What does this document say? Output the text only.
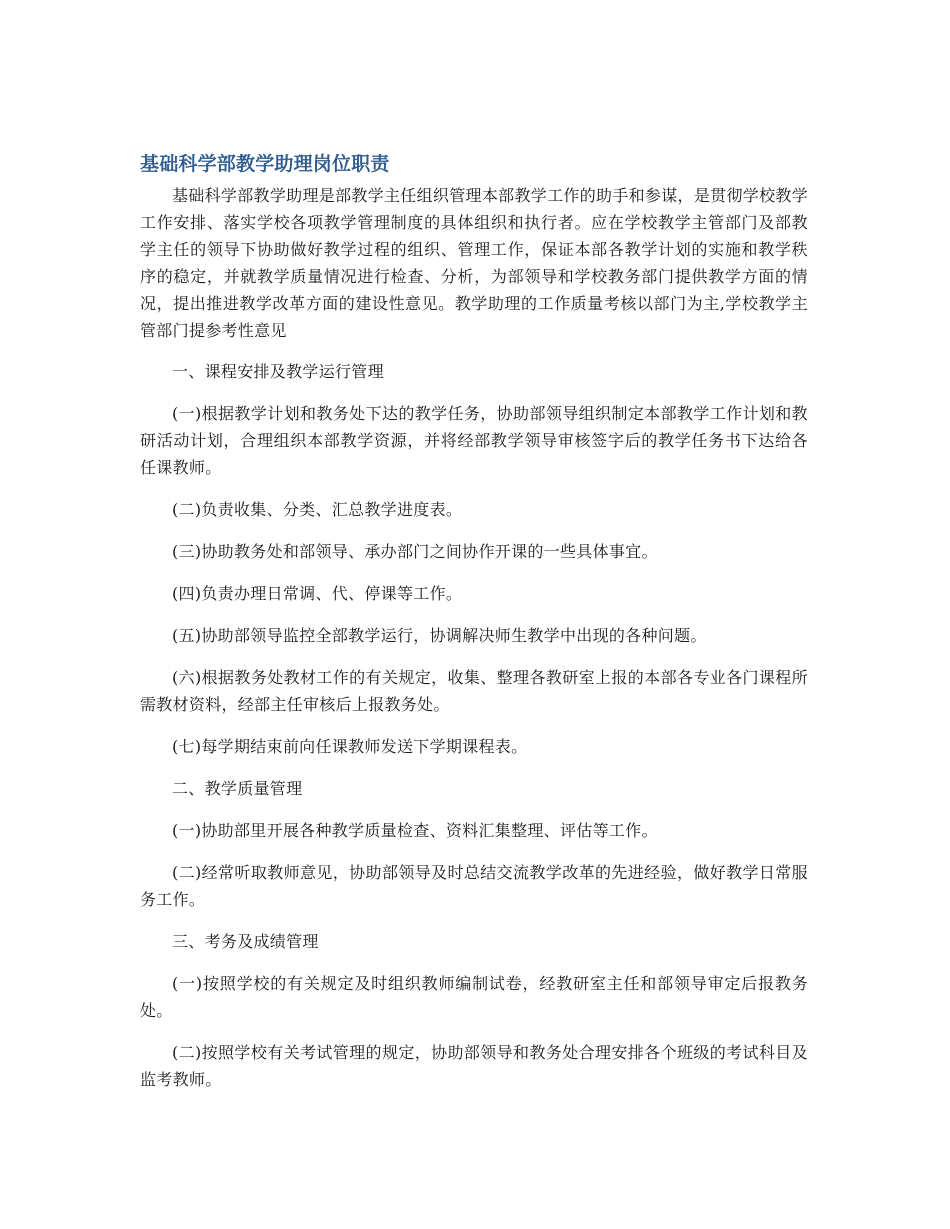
基础科学部教学助理岗位职责

基础科学部教学助理是部教学主任组织管理本部教学工作的助手和参谋，是贯彻学校教学工作安排、落实学校各项教学管理制度的具体组织和执行者。应在学校教学主管部门及部教学主任的领导下协助做好教学过程的组织、管理工作，保证本部各教学计划的实施和教学秩序的稳定，并就教学质量情况进行检查、分析，为部领导和学校教务部门提供教学方面的情况，提出推进教学改革方面的建设性意见。教学助理的工作质量考核以部门为主,学校教学主管部门提参考性意见

一、课程安排及教学运行管理

(一)根据教学计划和教务处下达的教学任务，协助部领导组织制定本部教学工作计划和教研活动计划，合理组织本部教学资源，并将经部教学领导审核签字后的教学任务书下达给各任课教师。

(二)负责收集、分类、汇总教学进度表。

(三)协助教务处和部领导、承办部门之间协作开课的一些具体事宜。

(四)负责办理日常调、代、停课等工作。

(五)协助部领导监控全部教学运行，协调解决师生教学中出现的各种问题。

(六)根据教务处教材工作的有关规定，收集、整理各教研室上报的本部各专业各门课程所需教材资料，经部主任审核后上报教务处。

(七)每学期结束前向任课教师发送下学期课程表。

二、教学质量管理

(一)协助部里开展各种教学质量检查、资料汇集整理、评估等工作。

(二)经常听取教师意见，协助部领导及时总结交流教学改革的先进经验，做好教学日常服务工作。

三、考务及成绩管理

(一)按照学校的有关规定及时组织教师编制试卷，经教研室主任和部领导审定后报教务处。

(二)按照学校有关考试管理的规定，协助部领导和教务处合理安排各个班级的考试科目及监考教师。
